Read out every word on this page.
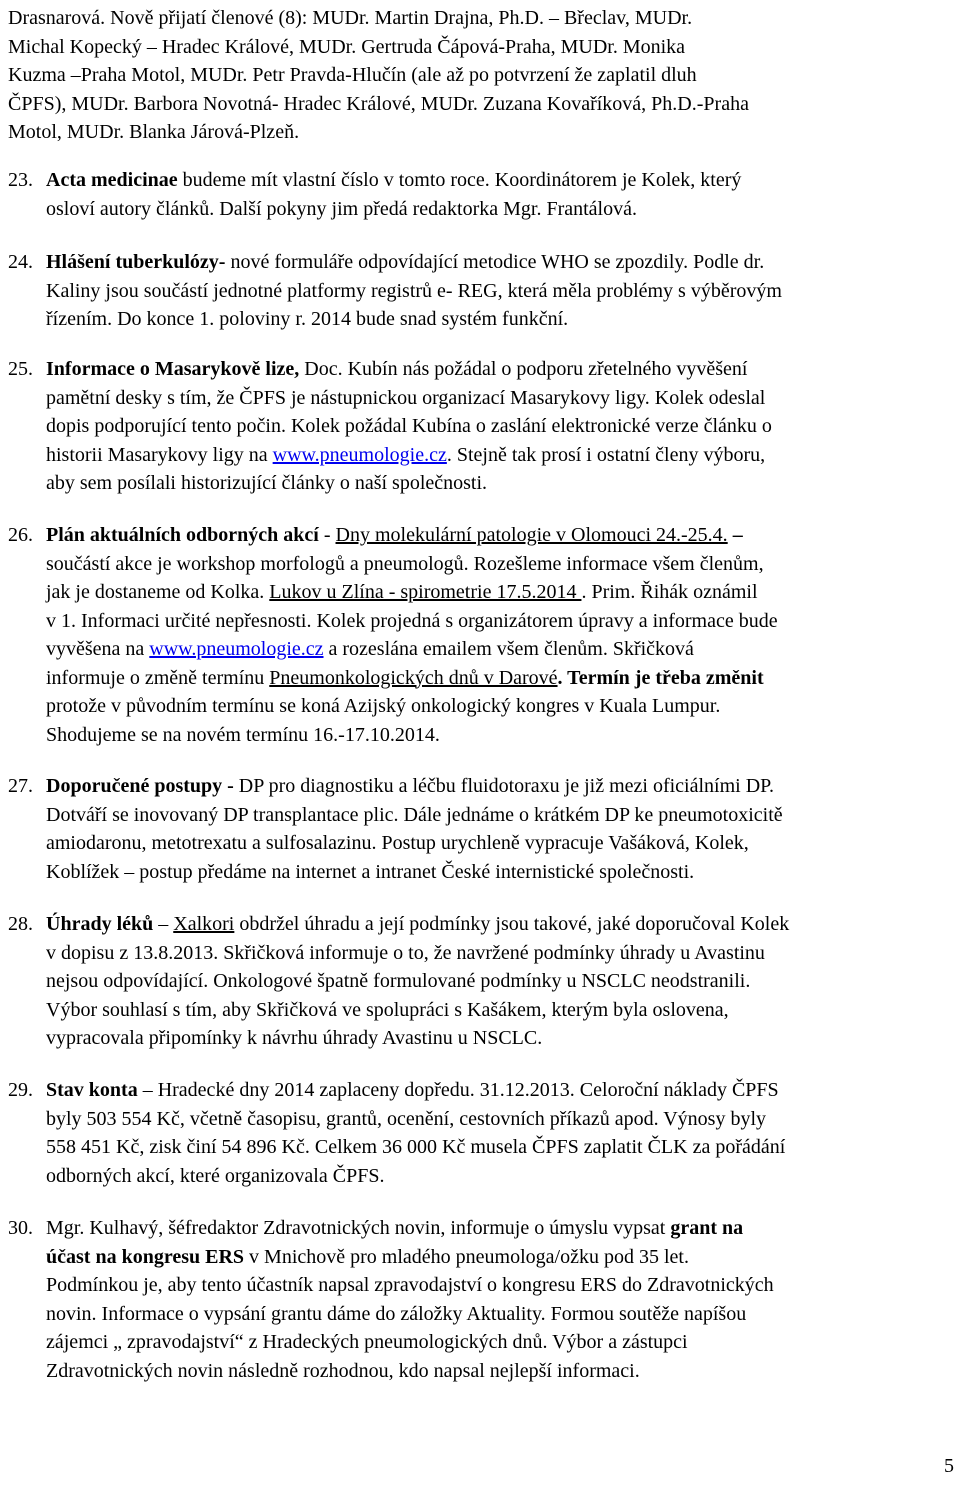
Drasnarová. Nově přijatí členové (8): MUDr. Martin Drajna, Ph.D. – Břeclav, MUDr.
Michal Kopecký – Hradec Králové, MUDr. Gertruda Čápová-Praha, MUDr. Monika
Kuzma –Praha Motol, MUDr. Petr Pravda-Hlučín (ale až po potvrzení že zaplatil dluh
ČPFS), MUDr. Barbora Novotná- Hradec Králové, MUDr. Zuzana Kovaříková, Ph.D.-Praha
Motol, MUDr. Blanka Járová-Plzeň.
23. Acta medicinae budeme mít vlastní číslo v tomto roce. Koordinátorem je Kolek, který
osloví autory článků. Další pokyny jim předá redaktorka Mgr. Frantálová.
24. Hlášení tuberkulózy- nové formuláře odpovídající metodice WHO se zpozdily. Podle dr.
Kaliny jsou součástí jednotné platformy registrů e- REG, která měla problémy s výběrovým
řízením. Do konce 1. poloviny r. 2014 bude snad systém funkční.
25. Informace o Masarykově lize, Doc. Kubín nás požádal o podporu zřetelného vyvěšení
pamětní desky s tím, že ČPFS je nástupnickou organizací Masarykovy ligy. Kolek odeslal
dopis podporující tento počin. Kolek požádal Kubína o zaslání elektronické verze článku o
historii Masarykovy ligy na www.pneumologie.cz. Stejně tak prosí i ostatní členy výboru,
aby sem posílali historizující články o naší společnosti.
26. Plán aktuálních odborných akcí - Dny molekulární patologie v Olomouci 24.-25.4. –
součástí akce je workshop morfologů a pneumologů. Rozešleme informace všem členům,
jak je dostaneme od Kolka. Lukov u Zlína - spirometrie 17.5.2014 . Prim. Řihák oznámil
v 1. Informaci určité nepřesnosti. Kolek projedná s organizátorem úpravy a informace bude
vyvěšena na www.pneumologie.cz a rozeslána emailem všem členům. Skřičková
informuje o změně termínu Pneumonkologických dnů v Darové. Termín je třeba změnit
protože v původním termínu se koná Azijský onkologický kongres v Kuala Lumpur.
Shodujeme se na novém termínu 16.-17.10.2014.
27. Doporučené postupy - DP pro diagnostiku a léčbu fluidotoraxu je již mezi oficiálními DP.
Dotváří se inovovaný DP transplantace plic. Dále jednáme o krátkém DP ke pneumotoxicitě
amiodaronu, metotrexatu a sulfosalazinu. Postup urychleně vypracuje Vašáková, Kolek,
Koblížek – postup předáme na internet a intranet České internistické společnosti.
28. Úhrady léků – Xalkori obdržel úhradu a její podmínky jsou takové, jaké doporučoval Kolek
v dopisu z 13.8.2013. Skřičková informuje o to, že navržené podmínky úhrady u Avastinu
nejsou odpovídající. Onkologové špatně formulované podmínky u NSCLC neodstranili.
Výbor souhlasí s tím, aby Skřičková ve spolupráci s Kašákem, kterým byla oslovena,
vypracovala připomínky k návrhu úhrady Avastinu u NSCLC.
29. Stav konta – Hradecké dny 2014 zaplaceny dopředu. 31.12.2013. Celoroční náklady ČPFS
byly 503 554 Kč, včetně časopisu, grantů, ocenění, cestovních příkazů apod. Výnosy byly
558 451 Kč, zisk činí 54 896 Kč. Celkem 36 000 Kč musela ČPFS zaplatit ČLK za pořádání
odborných akcí, které organizovala ČPFS.
30. Mgr. Kulhavý, šéfredaktor Zdravotnických novin, informuje o úmyslu vypsat grant na
účast na kongresu ERS v Mnichově pro mladého pneumologa/ožku pod 35 let.
Podmínkou je, aby tento účastník napsal zpravodajství o kongresu ERS do Zdravotnických
novin. Informace o vypsání grantu dáme do záložky Aktuality. Formou soutěže napíšou
zájemci „ zpravodajství“ z Hradeckých pneumologických dnů. Výbor a zástupci
Zdravotnických novin následně rozhodnou, kdo napsal nejlepší informaci.
5
